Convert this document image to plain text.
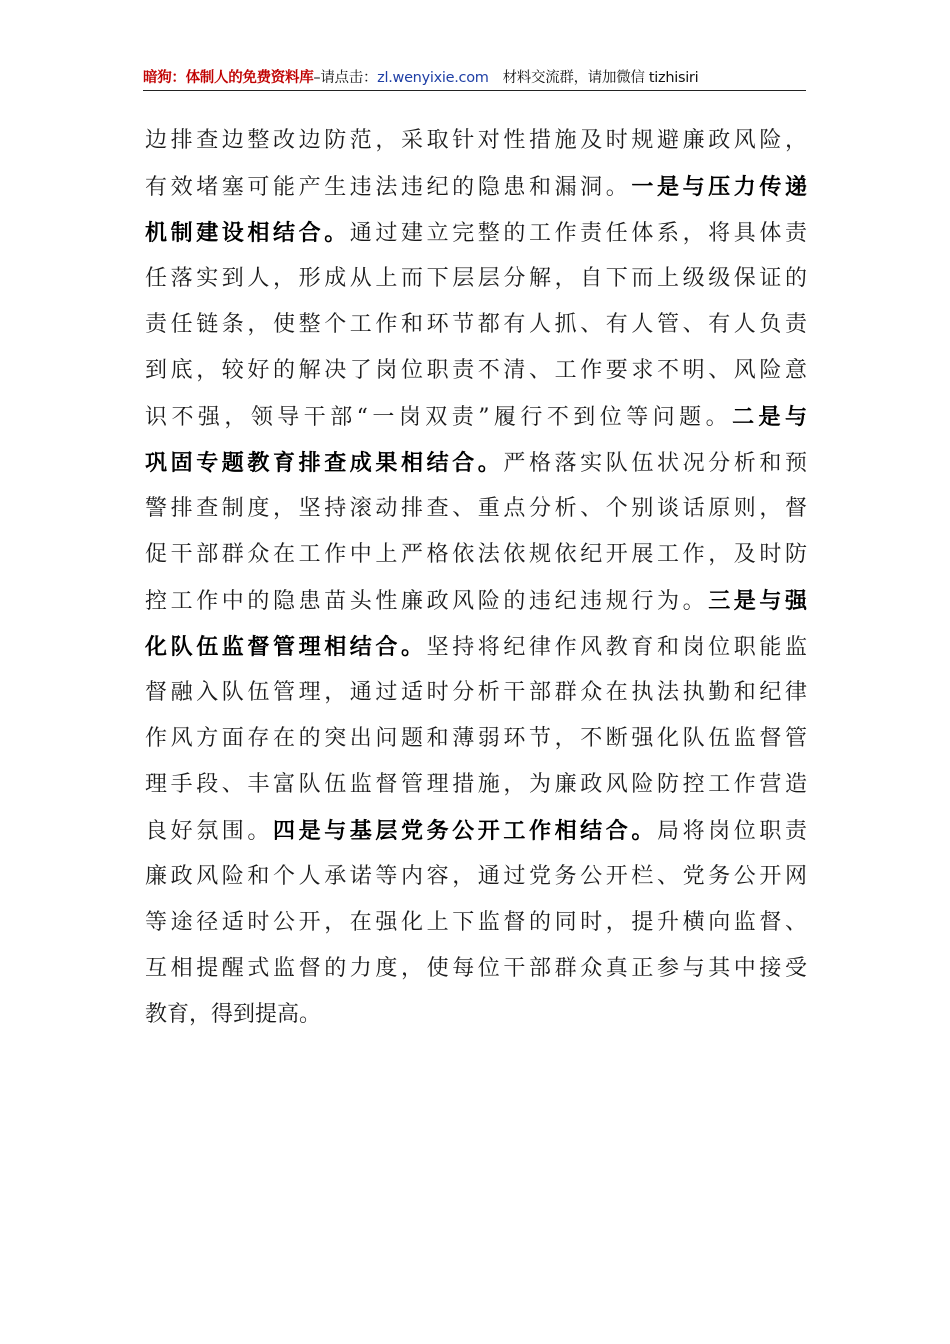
暗狗：体制人的免费资料库–请点击：zl.wenyixie.com 材料交流群，请加微信 tizhisiri
边排查边整改边防范，采取针对性措施及时规避廉政风险，
有效堵塞可能产生违法违纪的隐患和漏洞。一是与压力传递
机制建设相结合。通过建立完整的工作责任体系，将具体责
任落实到人，形成从上而下层层分解，自下而上级级保证的
责任链条，使整个工作和环节都有人抓、有人管、有人负责
到底，较好的解决了岗位职责不清、工作要求不明、风险意
识不强，领导干部“一岗双责”履行不到位等问题。二是与
巩固专题教育排查成果相结合。严格落实队伍状况分析和预
警排查制度，坚持滚动排查、重点分析、个别谈话原则，督
促干部群众在工作中上严格依法依规依纪开展工作，及时防
控工作中的隐患苗头性廉政风险的违纪违规行为。三是与强
化队伍监督管理相结合。坚持将纪律作风教育和岗位职能监
督融入队伍管理，通过适时分析干部群众在执法执勤和纪律
作风方面存在的突出问题和薄弱环节，不断强化队伍监督管
理手段、丰富队伍监督管理措施，为廉政风险防控工作营造
良好氛围。四是与基层党务公开工作相结合。局将岗位职责
廉政风险和个人承诺等内容，通过党务公开栏、党务公开网
等途径适时公开，在强化上下监督的同时，提升横向监督、
互相提醒式监督的力度，使每位干部群众真正参与其中接受
教育，得到提高。
